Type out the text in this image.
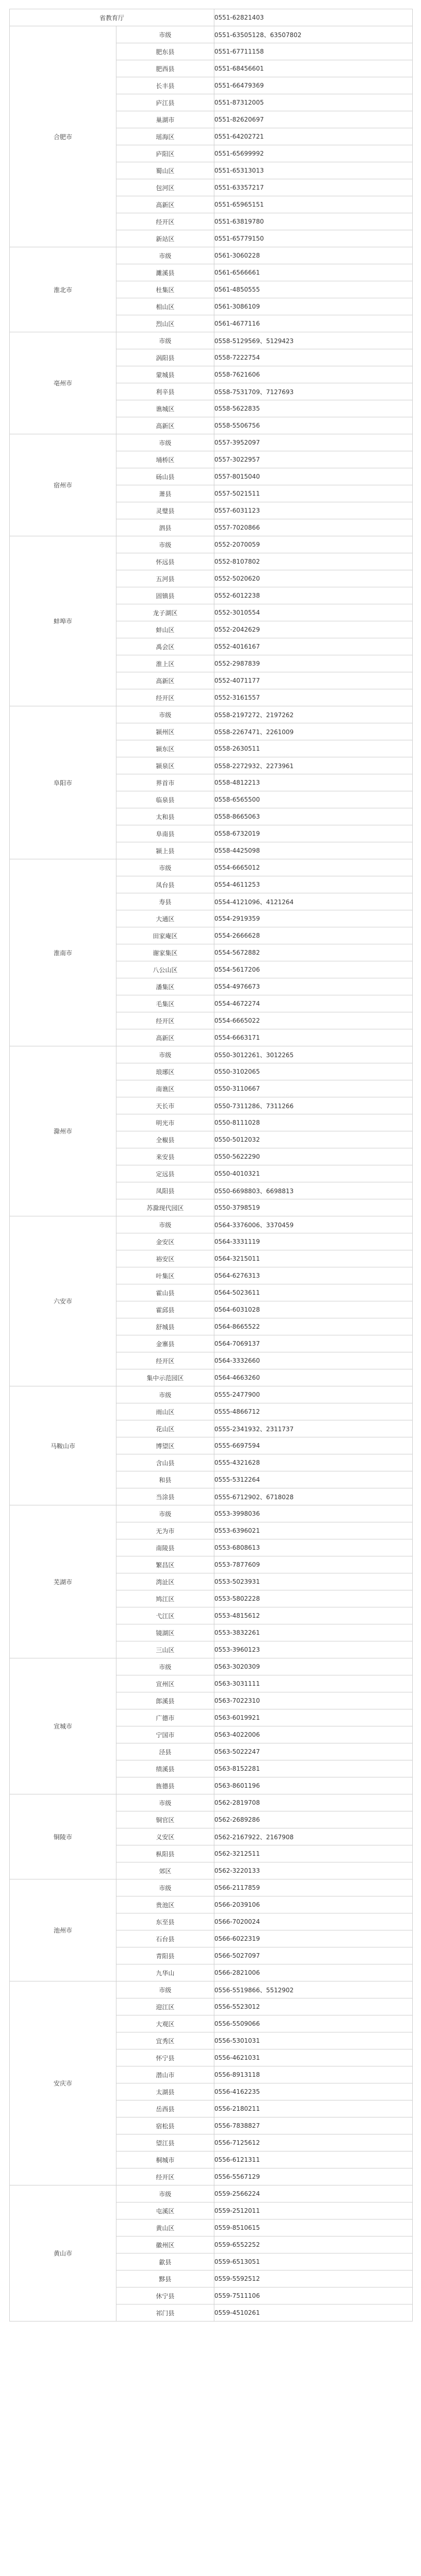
省教育厅		0551-62821403
合肥市	市级	0551-63505128、63507802
	肥东县	0551-67711158
	肥西县	0551-68456601
	长丰县	0551-66479369
	庐江县	0551-87312005
	巢湖市	0551-82620697
	瑶海区	0551-64202721
	庐阳区	0551-65699992
	蜀山区	0551-65313013
	包河区	0551-63357217
	高新区	0551-65965151
	经开区	0551-63819780
	新站区	0551-65779150
淮北市	市级	0561-3060228
	濉溪县	0561-6566661
	杜集区	0561-4850555
	相山区	0561-3086109
	烈山区	0561-4677116
亳州市	市级	0558-5129569、5129423
	涡阳县	0558-7222754
	蒙城县	0558-7621606
	利辛县	0558-7531709、7127693
	谯城区	0558-5622835
	高新区	0558-5506756
宿州市	市级	0557-3952097
	埇桥区	0557-3022957
	砀山县	0557-8015040
	萧县	0557-5021511
	灵璧县	0557-6031123
	泗县	0557-7020866
蚌埠市	市级	0552-2070059
	怀远县	0552-8107802
	五河县	0552-5020620
	固镇县	0552-6012238
	龙子湖区	0552-3010554
	蚌山区	0552-2042629
	禹会区	0552-4016167
	淮上区	0552-2987839
	高新区	0552-4071177
	经开区	0552-3161557
阜阳市	市级	0558-2197272、2197262
	颍州区	0558-2267471、2261009
	颍东区	0558-2630511
	颍泉区	0558-2272932、2273961
	界首市	0558-4812213
	临泉县	0558-6565500
	太和县	0558-8665063
	阜南县	0558-6732019
	颍上县	0558-4425098
淮南市	市级	0554-6665012
	凤台县	0554-4611253
	寿县	0554-4121096、4121264
	大通区	0554-2919359
	田家庵区	0554-2666628
	谢家集区	0554-5672882
	八公山区	0554-5617206
	潘集区	0554-4976673
	毛集区	0554-4672274
	经开区	0554-6665022
	高新区	0554-6663171
滁州市	市级	0550-3012261、3012265
	琅琊区	0550-3102065
	南谯区	0550-3110667
	天长市	0550-7311286、7311266
	明光市	0550-8111028
	全椒县	0550-5012032
	来安县	0550-5622290
	定远县	0550-4010321
	凤阳县	0550-6698803、6698813
	苏滁现代园区	0550-3798519
六安市	市级	0564-3376006、3370459
	金安区	0564-3331119
	裕安区	0564-3215011
	叶集区	0564-6276313
	霍山县	0564-5023611
	霍邱县	0564-6031028
	舒城县	0564-8665522
	金寨县	0564-7069137
	经开区	0564-3332660
	集中示范园区	0564-4663260
马鞍山市	市级	0555-2477900
	雨山区	0555-4866712
	花山区	0555-2341932、2311737
	博望区	0555-6697594
	含山县	0555-4321628
	和县	0555-5312264
	当涂县	0555-6712902、6718028
芜湖市	市级	0553-3998036
	无为市	0553-6396021
	南陵县	0553-6808613
	繁昌区	0553-7877609
	湾沚区	0553-5023931
	鸠江区	0553-5802228
	弋江区	0553-4815612
	镜湖区	0553-3832261
	三山区	0553-3960123
宣城市	市级	0563-3020309
	宣州区	0563-3031111
	郎溪县	0563-7022310
	广德市	0563-6019921
	宁国市	0563-4022006
	泾县	0563-5022247
	绩溪县	0563-8152281
	旌德县	0563-8601196
铜陵市	市级	0562-2819708
	铜官区	0562-2689286
	义安区	0562-2167922、2167908
	枞阳县	0562-3212511
	郊区	0562-3220133
池州市	市级	0566-2117859
	贵池区	0566-2039106
	东至县	0566-7020024
	石台县	0566-6022319
	青阳县	0566-5027097
	九华山	0566-2821006
安庆市	市级	0556-5519866、5512902
	迎江区	0556-5523012
	大观区	0556-5509066
	宜秀区	0556-5301031
	怀宁县	0556-4621031
	潜山市	0556-8913118
	太湖县	0556-4162235
	岳西县	0556-2180211
	宿松县	0556-7838827
	望江县	0556-7125612
	桐城市	0556-6121311
	经开区	0556-5567129
黄山市	市级	0559-2566224
	屯溪区	0559-2512011
	黄山区	0559-8510615
	徽州区	0559-6552252
	歙县	0559-6513051
	黟县	0559-5592512
	休宁县	0559-7511106
	祁门县	0559-4510261
